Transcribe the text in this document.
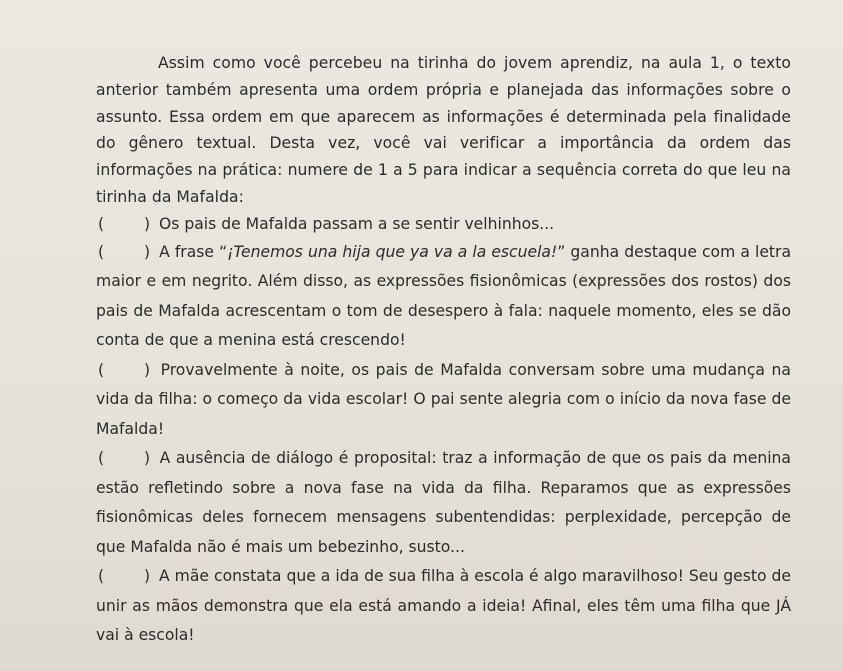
Assim como você percebeu na tirinha do jovem aprendiz, na aula 1, o texto anterior também apresenta uma ordem própria e planejada das informações sobre o assunto. Essa ordem em que aparecem as informações é determinada pela finalidade do gênero textual. Desta vez, você vai verificar a importância da ordem das informações na prática: numere de 1 a 5 para indicar a sequência correta do que leu na tirinha da Mafalda:

(	) Os pais de Mafalda passam a se sentir velhinhos...

(	) A frase “¡Tenemos una hija que ya va a la escuela!” ganha destaque com a letra maior e em negrito. Além disso, as expressões fisionômicas (expressões dos rostos) dos pais de Mafalda acrescentam o tom de desespero à fala: naquele momento, eles se dão conta de que a menina está crescendo!

(	) Provavelmente à noite, os pais de Mafalda conversam sobre uma mudança na vida da filha: o começo da vida escolar! O pai sente alegria com o início da nova fase de Mafalda!

(	) A ausência de diálogo é proposital: traz a informação de que os pais da menina estão refletindo sobre a nova fase na vida da filha. Reparamos que as expressões fisionômicas deles fornecem mensagens subentendidas: perplexidade, percepção de que Mafalda não é mais um bebezinho, susto...

(	) A mãe constata que a ida de sua filha à escola é algo maravilhoso! Seu gesto de unir as mãos demonstra que ela está amando a ideia! Afinal, eles têm uma filha que JÁ vai à escola!
